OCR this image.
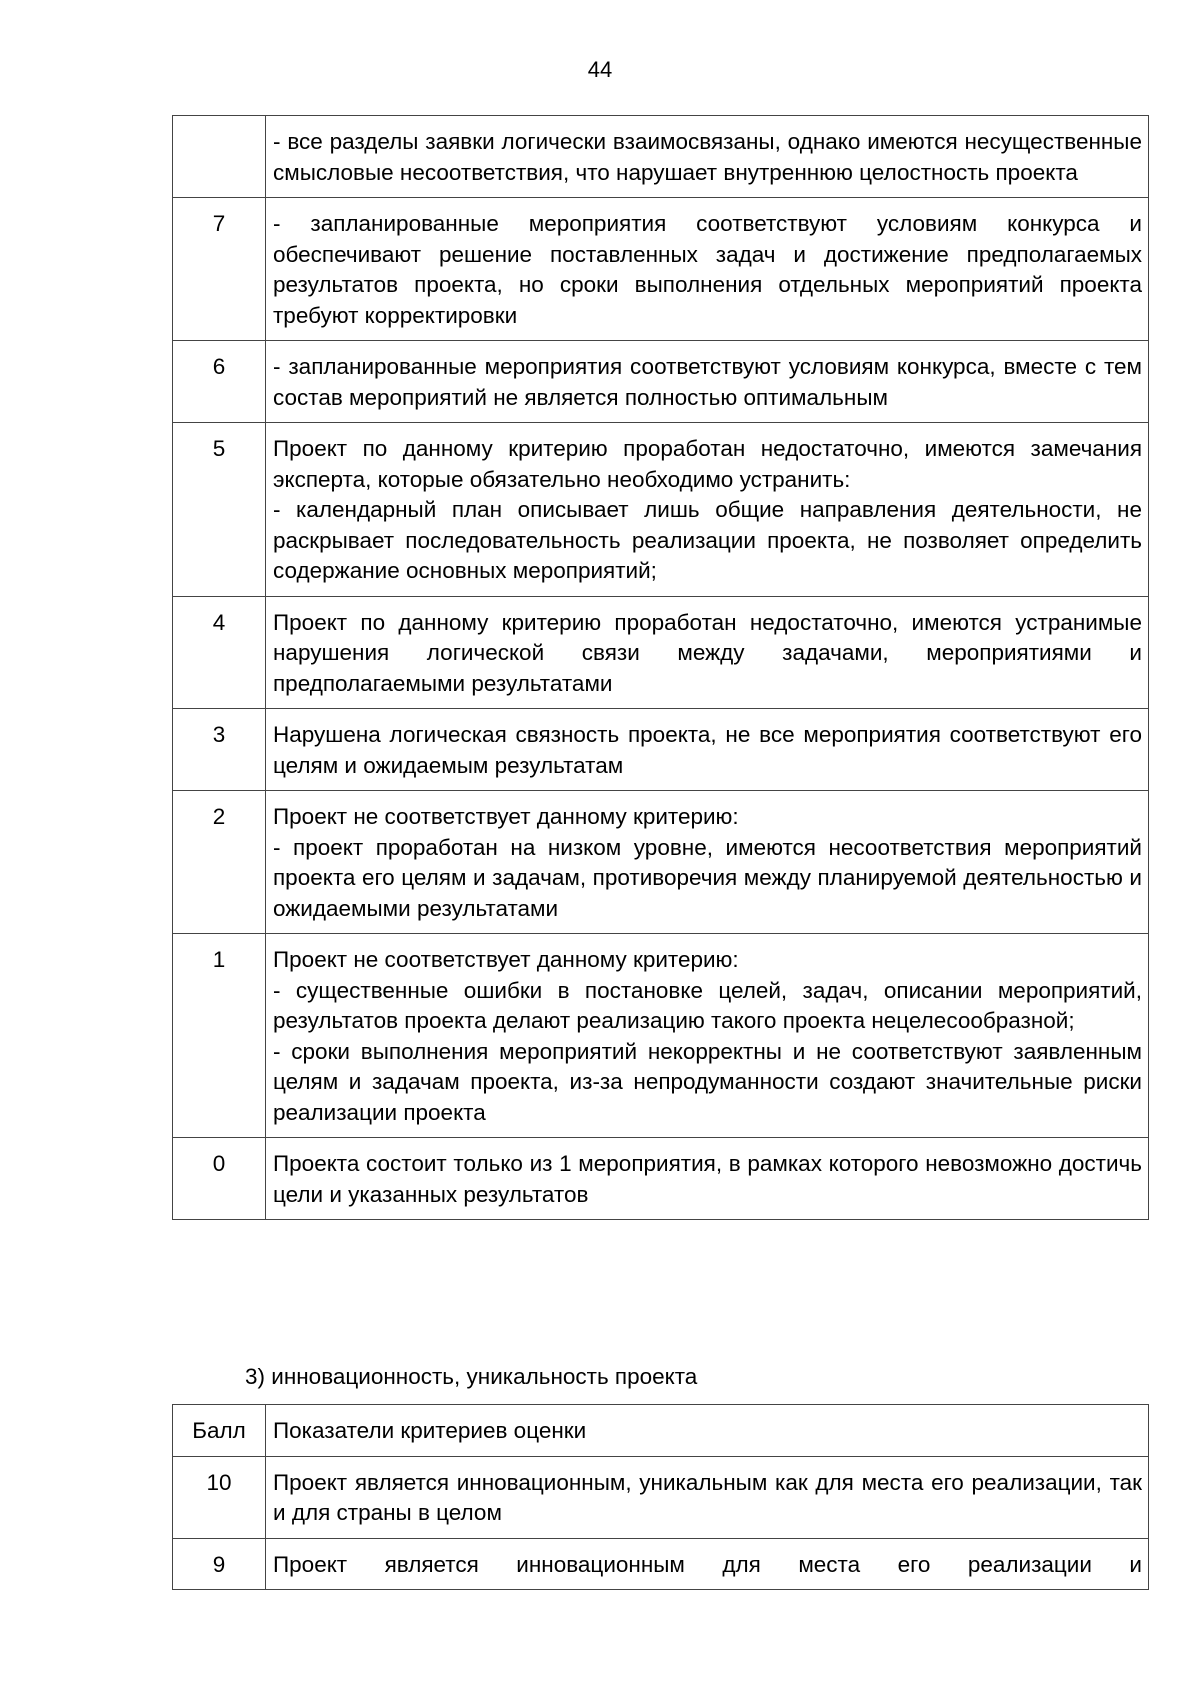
44

	- все разделы заявки логически взаимосвязаны, однако имеются несущественные смысловые несоответствия, что нарушает внутреннюю целостность проекта

7	- запланированные мероприятия соответствуют условиям конкурса и обеспечивают решение поставленных задач и достижение предполагаемых результатов проекта, но сроки выполнения отдельных мероприятий проекта требуют корректировки

6	- запланированные мероприятия соответствуют условиям конкурса, вместе с тем состав мероприятий не является полностью оптимальным

5	Проект по данному критерию проработан недостаточно, имеются замечания эксперта, которые обязательно необходимо устранить:
- календарный план описывает лишь общие направления деятельности, не раскрывает последовательность реализации проекта, не позволяет определить содержание основных мероприятий;

4	Проект по данному критерию проработан недостаточно, имеются устранимые нарушения логической связи между задачами, мероприятиями и предполагаемыми результатами

3	Нарушена логическая связность проекта, не все мероприятия соответствуют его целям и ожидаемым результатам

2	Проект не соответствует данному критерию:
- проект проработан на низком уровне, имеются несоответствия мероприятий проекта его целям и задачам, противоречия между планируемой деятельностью и ожидаемыми результатами

1	Проект не соответствует данному критерию:
- существенные ошибки в постановке целей, задач, описании мероприятий, результатов проекта делают реализацию такого проекта нецелесообразной;
- сроки выполнения мероприятий некорректны и не соответствуют заявленным целям и задачам проекта, из-за непродуманности создают значительные риски реализации проекта

0	Проекта состоит только из 1 мероприятия, в рамках которого невозможно достичь цели и указанных результатов
3) инновационность, уникальность проекта
Балл	Показатели критериев оценки
10	Проект является инновационным, уникальным как для места его реализации, так и для страны в целом

9	Проект является инновационным для места его реализации и
